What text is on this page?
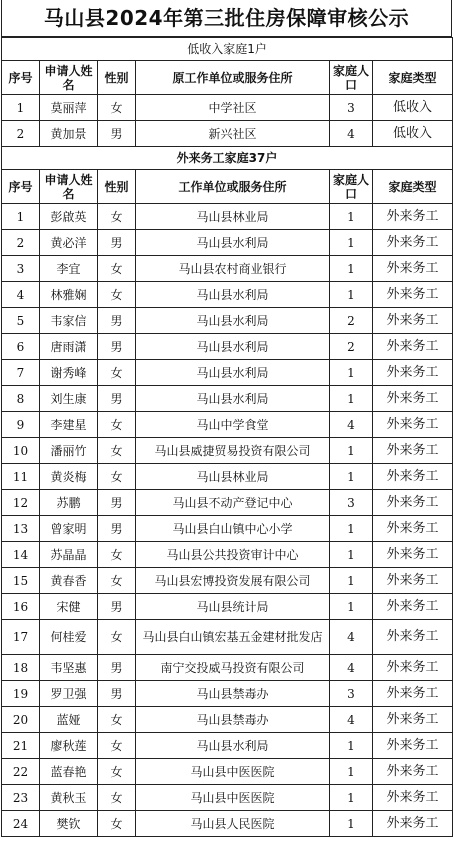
马山县2024年第三批住房保障审核公示
低收入家庭1户					
序号	申请人姓名	性别	原工作单位或服务住所	家庭人口	家庭类型
1	莫丽萍	女	中学社区	3	低收入
2	黄加景	男	新兴社区	4	低收入
外来务工家庭37户					
序号	申请人姓名	性别	工作单位或服务住所	家庭人口	家庭类型
1	彭啟英	女	马山县林业局	1	外来务工
2	黄必洋	男	马山县水利局	1	外来务工
3	李宜	女	马山县农村商业银行	1	外来务工
4	林雅娴	女	马山县水利局	1	外来务工
5	韦家信	男	马山县水利局	2	外来务工
6	唐雨潇	男	马山县水利局	2	外来务工
7	谢秀峰	女	马山县水利局	1	外来务工
8	刘生康	男	马山县水利局	1	外来务工
9	李建星	女	马山中学食堂	4	外来务工
10	潘丽竹	女	马山县威捷贸易投资有限公司	1	外来务工
11	黄炎梅	女	马山县林业局	1	外来务工
12	苏鹏	男	马山县不动产登记中心	3	外来务工
13	曾家明	男	马山县白山镇中心小学	1	外来务工
14	苏晶晶	女	马山县公共投资审计中心	1	外来务工
15	黄春香	女	马山县宏博投资发展有限公司	1	外来务工
16	宋健	男	马山县统计局	1	外来务工
17	何桂爱	女	马山县白山镇宏基五金建材批发店	4	外来务工
18	韦坚惠	男	南宁交投威马投资有限公司	4	外来务工
19	罗卫强	男	马山县禁毒办	3	外来务工
20	蓝娅	女	马山县禁毒办	4	外来务工
21	廖秋莲	女	马山县水利局	1	外来务工
22	蓝春艳	女	马山县中医医院	1	外来务工
23	黄秋玉	女	马山县中医医院	1	外来务工
24	樊钦	女	马山县人民医院	1	外来务工
